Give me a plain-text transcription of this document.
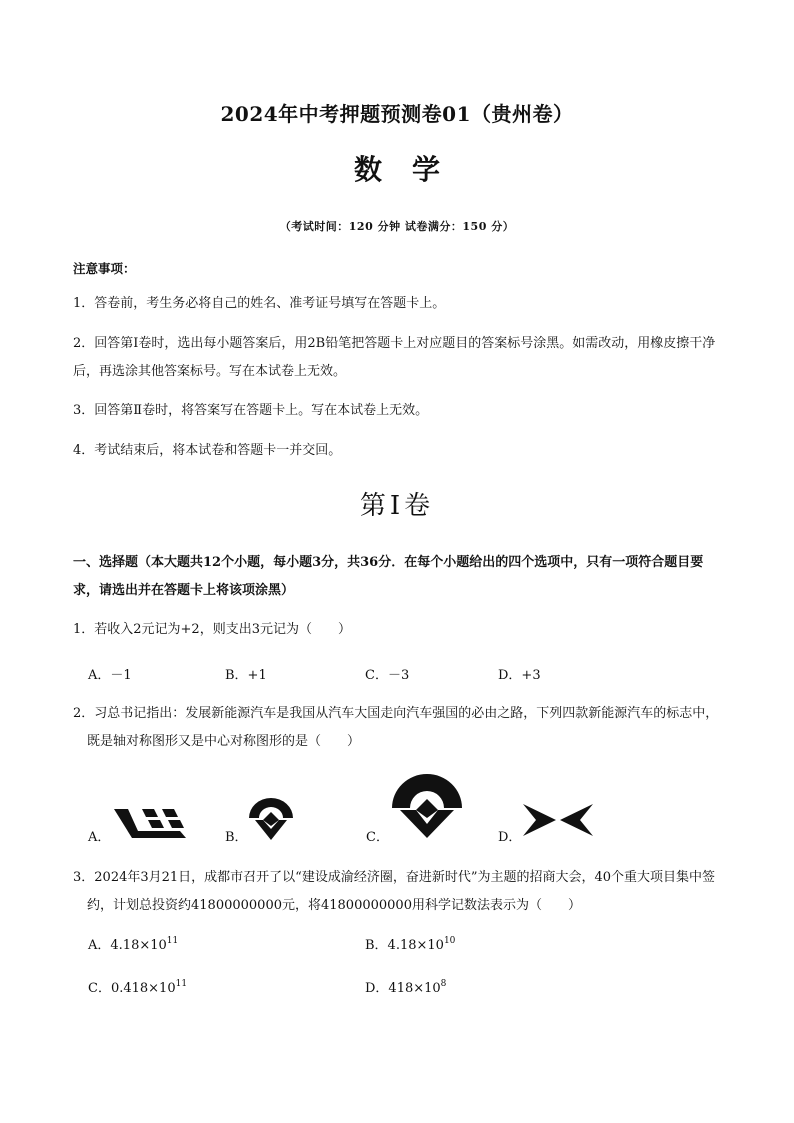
2024年中考押题预测卷01（贵州卷）
数学
（考试时间：120 分钟 试卷满分：150 分）
注意事项：
1．答卷前，考生务必将自己的姓名、准考证号填写在答题卡上。
2．回答第Ⅰ卷时，选出每小题答案后，用2B铅笔把答题卡上对应题目的答案标号涂黑。如需改动，用橡皮擦干净后，再选涂其他答案标号。写在本试卷上无效。
3．回答第Ⅱ卷时，将答案写在答题卡上。写在本试卷上无效。
4．考试结束后，将本试卷和答题卡一并交回。
第Ⅰ卷
一、选择题（本大题共12个小题，每小题3分，共36分．在每个小题给出的四个选项中，只有一项符合题目要求，请选出并在答题卡上将该项涂黑）
1．若收入2元记为+2，则支出3元记为（　　）
A．－1	B．+1	C．－3	D．+3
2．习总书记指出：发展新能源汽车是我国从汽车大国走向汽车强国的必由之路，下列四款新能源汽车的标志中，既是轴对称图形又是中心对称图形的是（　　）
A．	B．	C．	D．
3．2024年3月21日，成都市召开了以“建设成渝经济圈，奋进新时代”为主题的招商大会，40个重大项目集中签约，计划总投资约41800000000元，将41800000000用科学记数法表示为（　　）
A．$4.18\times 10^{11}$	B．$4.18\times 10^{10}$
C．$0.418\times 10^{11}$	D．$418\times 10^8$
